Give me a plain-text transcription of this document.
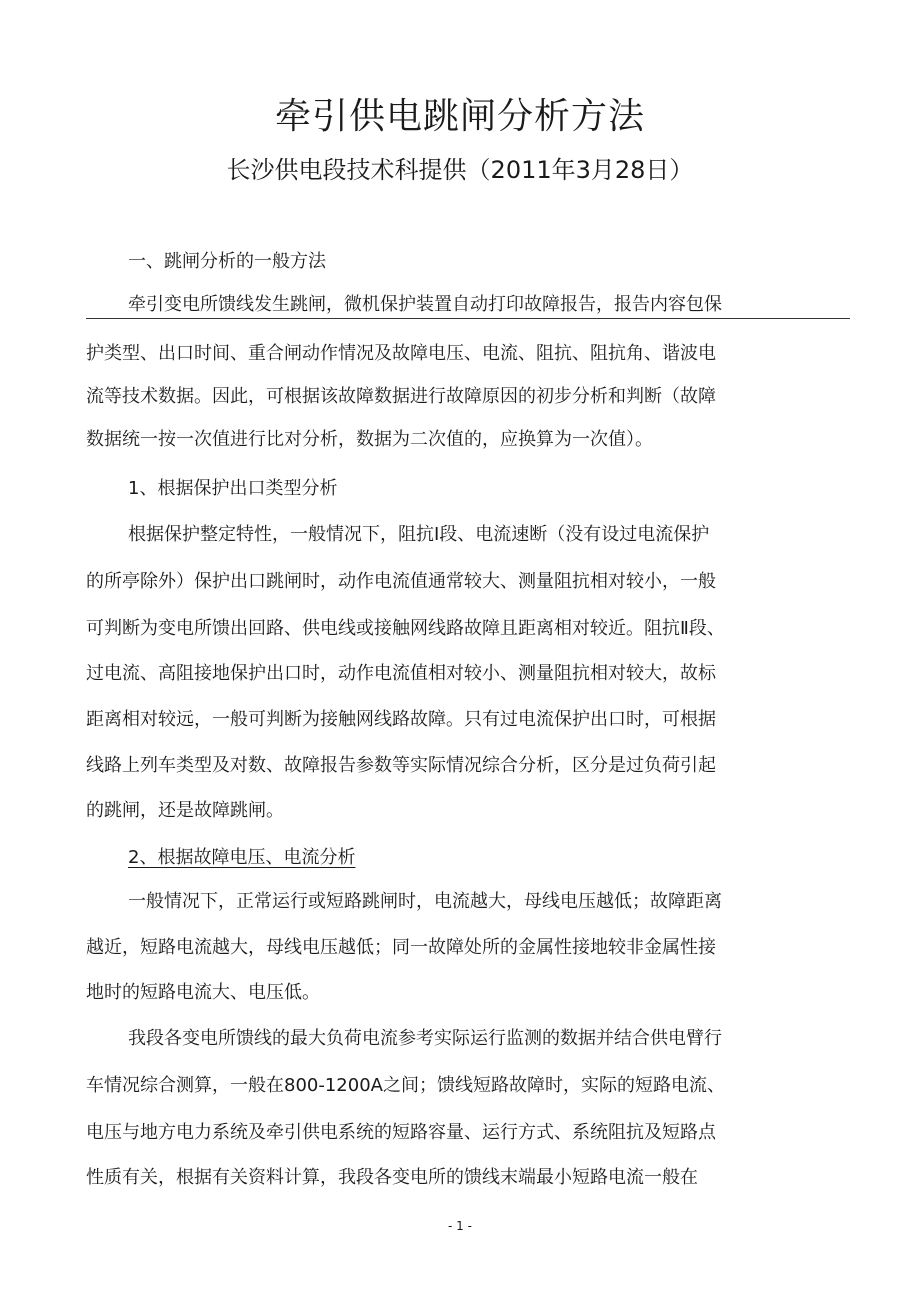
牵引供电跳闸分析方法
长沙供电段技术科提供（2011年3月28日）
一、跳闸分析的一般方法
牵引变电所馈线发生跳闸，微机保护装置自动打印故障报告，报告内容包保
护类型、出口时间、重合闸动作情况及故障电压、电流、阻抗、阻抗角、谐波电
流等技术数据。因此，可根据该故障数据进行故障原因的初步分析和判断（故障
数据统一按一次值进行比对分析，数据为二次值的，应换算为一次值）。
1、根据保护出口类型分析
根据保护整定特性，一般情况下，阻抗Ⅰ段、电流速断（没有设过电流保护
的所亭除外）保护出口跳闸时，动作电流值通常较大、测量阻抗相对较小，一般
可判断为变电所馈出回路、供电线或接触网线路故障且距离相对较近。阻抗Ⅱ段、
过电流、高阻接地保护出口时，动作电流值相对较小、测量阻抗相对较大，故标
距离相对较远，一般可判断为接触网线路故障。只有过电流保护出口时，可根据
线路上列车类型及对数、故障报告参数等实际情况综合分析，区分是过负荷引起
的跳闸，还是故障跳闸。
2、根据故障电压、电流分析
一般情况下，正常运行或短路跳闸时，电流越大，母线电压越低；故障距离
越近，短路电流越大，母线电压越低；同一故障处所的金属性接地较非金属性接
地时的短路电流大、电压低。
我段各变电所馈线的最大负荷电流参考实际运行监测的数据并结合供电臂行
车情况综合测算，一般在800-1200A之间；馈线短路故障时，实际的短路电流、
电压与地方电力系统及牵引供电系统的短路容量、运行方式、系统阻抗及短路点
性质有关，根据有关资料计算，我段各变电所的馈线末端最小短路电流一般在
- 1 -
